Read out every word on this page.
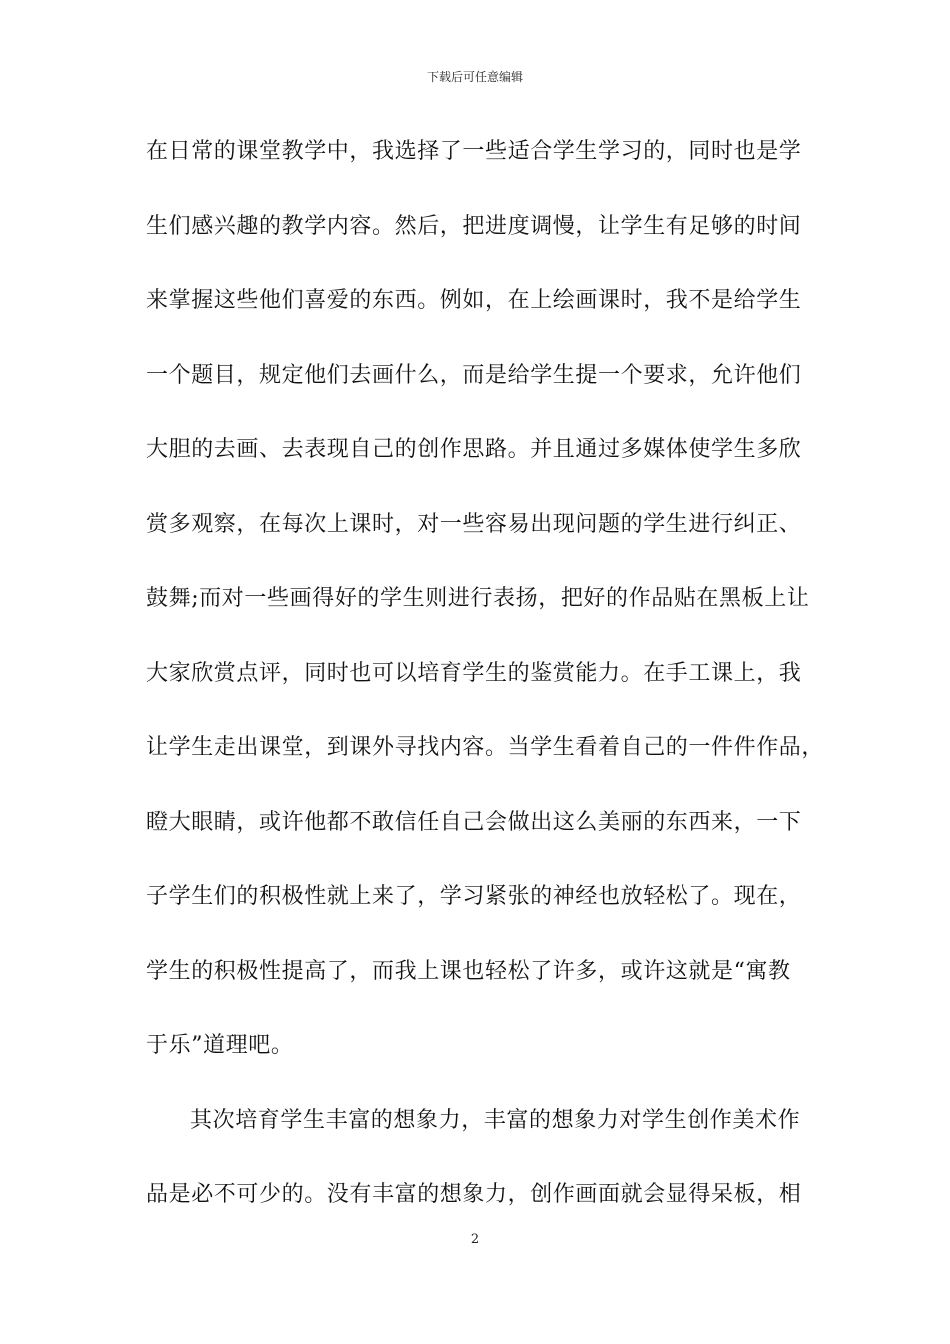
下载后可任意编辑
在日常的课堂教学中，我选择了一些适合学生学习的，同时也是学
生们感兴趣的教学内容。然后，把进度调慢，让学生有足够的时间
来掌握这些他们喜爱的东西。例如，在上绘画课时，我不是给学生
一个题目，规定他们去画什么，而是给学生提一个要求，允许他们
大胆的去画、去表现自己的创作思路。并且通过多媒体使学生多欣
赏多观察，在每次上课时，对一些容易出现问题的学生进行纠正、
鼓舞;而对一些画得好的学生则进行表扬，把好的作品贴在黑板上让
大家欣赏点评，同时也可以培育学生的鉴赏能力。在手工课上，我
让学生走出课堂，到课外寻找内容。当学生看着自己的一件件作品，
瞪大眼睛，或许他都不敢信任自己会做出这么美丽的东西来，一下
子学生们的积极性就上来了，学习紧张的神经也放轻松了。现在，
学生的积极性提高了，而我上课也轻松了许多，或许这就是“寓教
于乐”道理吧。
其次培育学生丰富的想象力，丰富的想象力对学生创作美术作
品是必不可少的。没有丰富的想象力，创作画面就会显得呆板，相
2
